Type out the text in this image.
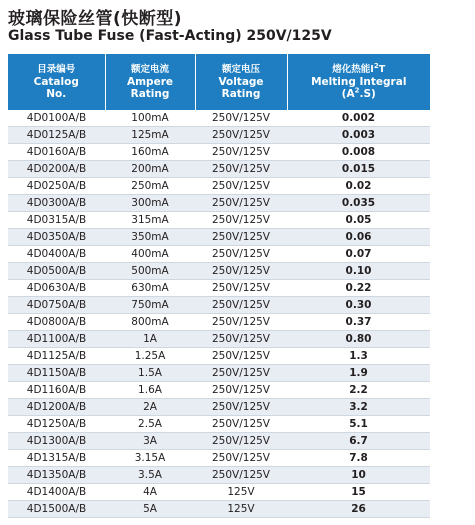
玻璃保险丝管(快断型)
Glass Tube Fuse (Fast-Acting) 250V/125V
目录编号
Catalog
No.	额定电流
Ampere
Rating	额定电压
Voltage
Rating	熔化热能$I^2T$
Melting Integral
$(A^2.S)$

4D0100A/B	100mA	250V/125V	0.002
4D0125A/B	125mA	250V/125V	0.003
4D0160A/B	160mA	250V/125V	0.008
4D0200A/B	200mA	250V/125V	0.015
4D0250A/B	250mA	250V/125V	0.02
4D0300A/B	300mA	250V/125V	0.035
4D0315A/B	315mA	250V/125V	0.05
4D0350A/B	350mA	250V/125V	0.06
4D0400A/B	400mA	250V/125V	0.07
4D0500A/B	500mA	250V/125V	0.10
4D0630A/B	630mA	250V/125V	0.22
4D0750A/B	750mA	250V/125V	0.30
4D0800A/B	800mA	250V/125V	0.37
4D1100A/B	1A	250V/125V	0.80
4D1125A/B	1.25A	250V/125V	1.3
4D1150A/B	1.5A	250V/125V	1.9
4D1160A/B	1.6A	250V/125V	2.2
4D1200A/B	2A	250V/125V	3.2
4D1250A/B	2.5A	250V/125V	5.1
4D1300A/B	3A	250V/125V	6.7
4D1315A/B	3.15A	250V/125V	7.8
4D1350A/B	3.5A	250V/125V	10
4D1400A/B	4A	125V	15
4D1500A/B	5A	125V	26
